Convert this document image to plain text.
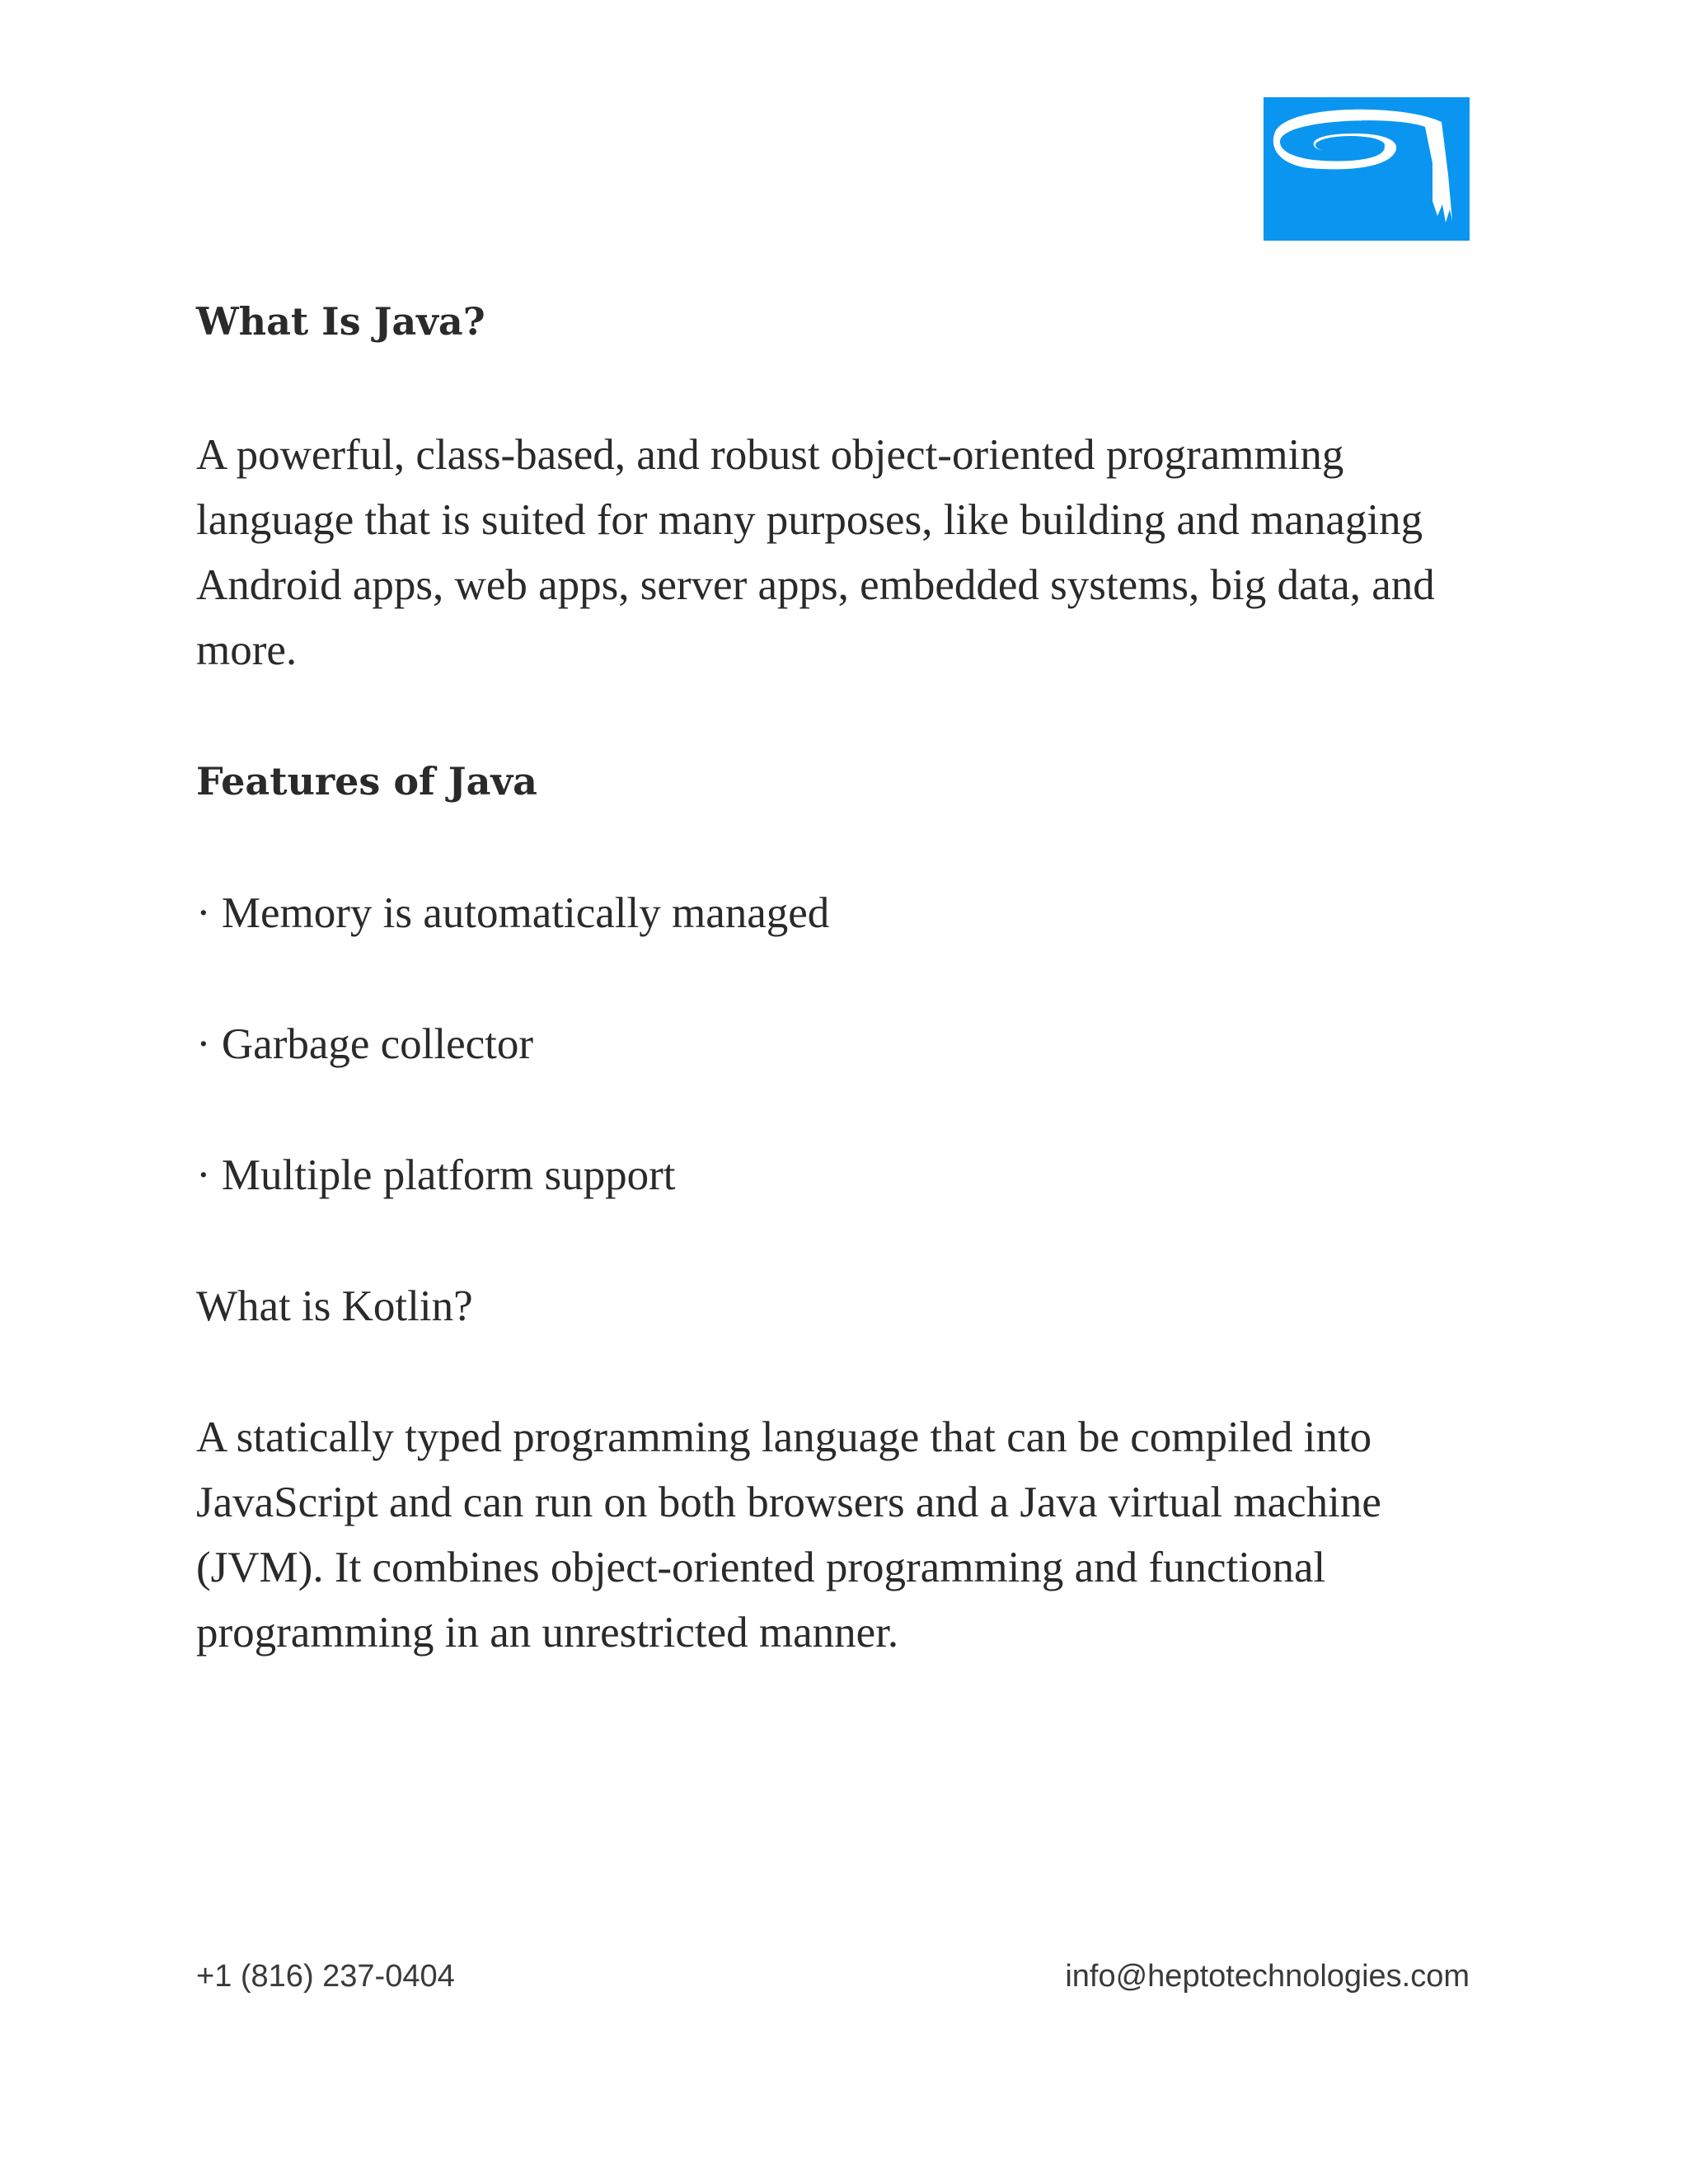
What Is Java?

A powerful, class-based, and robust object-oriented programming

language that is suited for many purposes, like building and managing

Android apps, web apps, server apps, embedded systems, big data, and

more.

Features of Java

· Memory is automatically managed

· Garbage collector

· Multiple platform support

What is Kotlin?

A statically typed programming language that can be compiled into

JavaScript and can run on both browsers and a Java virtual machine

(JVM). It combines object-oriented programming and functional

programming in an unrestricted manner.

+1 (816) 237-0404	info@heptotechnologies.com
